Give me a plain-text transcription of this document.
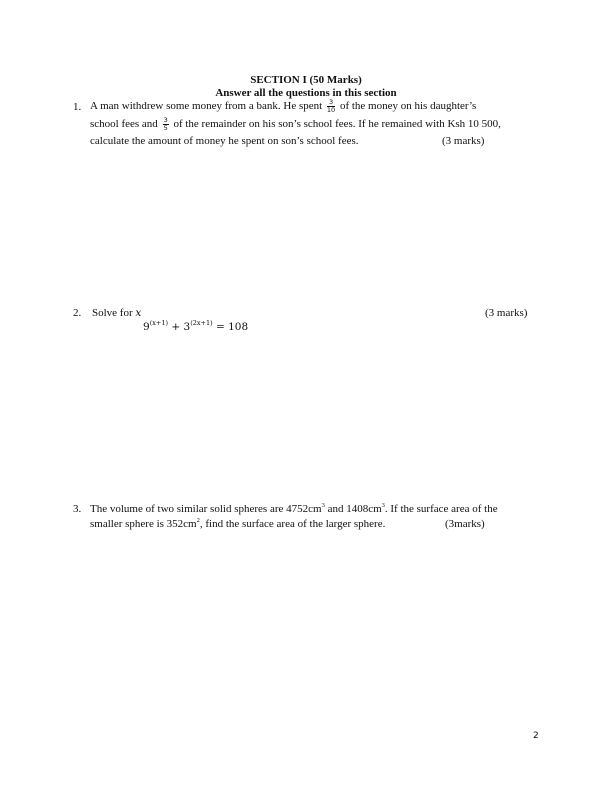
SECTION I (50 Marks)
Answer all the questions in this section
1. A man withdrew some money from a bank. He spent $\frac{3}{10}$ of the money on his daughter’s
school fees and $\frac{3}{5}$ of the remainder on his son’s school fees. If he remained with Ksh 10 500,
calculate the amount of money he spent on son’s school fees.	(3 marks)
2. Solve for x	(3 marks)
$9^{(x+1)} + 3^{(2x+1)} = 108$
3. The volume of two similar solid spheres are $4752cm^3$ and $1408cm^3$. If the surface area of the
smaller sphere is $352cm^2$, find the surface area of the larger sphere.	(3marks)
2
